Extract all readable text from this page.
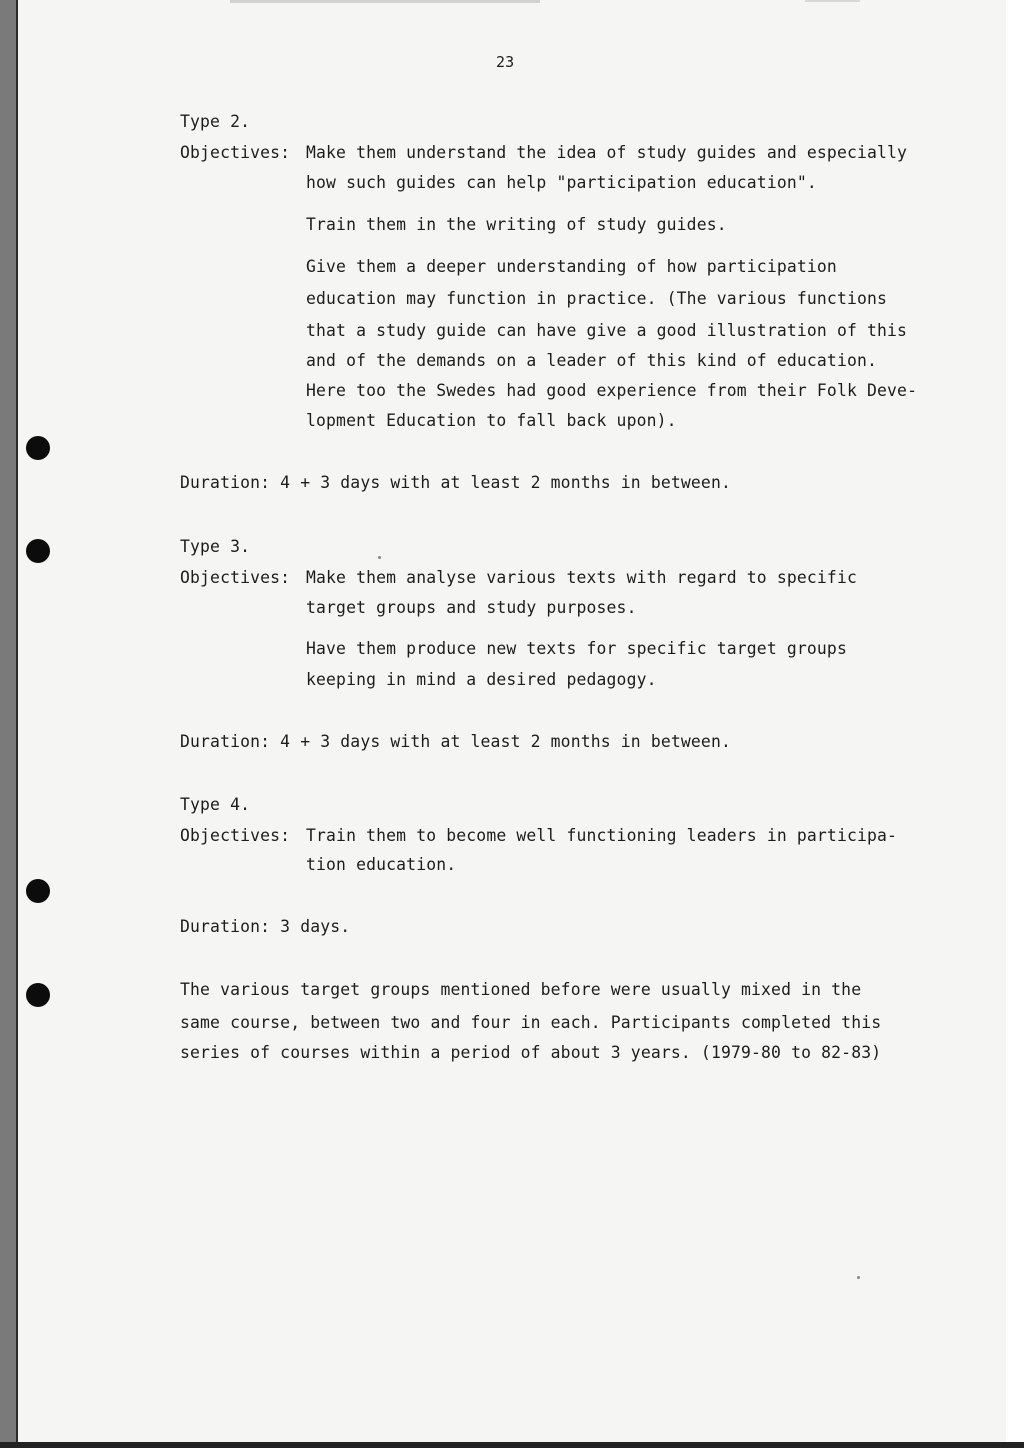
23
Type 2.
Objectives: Make them understand the idea of study guides and especially
how such guides can help "participation education".
Train them in the writing of study guides.
Give them a deeper understanding of how participation
education may function in practice. (The various functions
that a study guide can have give a good illustration of this
and of the demands on a leader of this kind of education.
Here too the Swedes had good experience from their Folk Deve-
lopment Education to fall back upon).
Duration: 4 + 3 days with at least 2 months in between.
Type 3.
Objectives: Make them analyse various texts with regard to specific
target groups and study purposes.
Have them produce new texts for specific target groups
keeping in mind a desired pedagogy.
Duration: 4 + 3 days with at least 2 months in between.
Type 4.
Objectives: Train them to become well functioning leaders in participa-
tion education.
Duration: 3 days.
The various target groups mentioned before were usually mixed in the
same course, between two and four in each. Participants completed this
series of courses within a period of about 3 years. (1979-80 to 82-83)
